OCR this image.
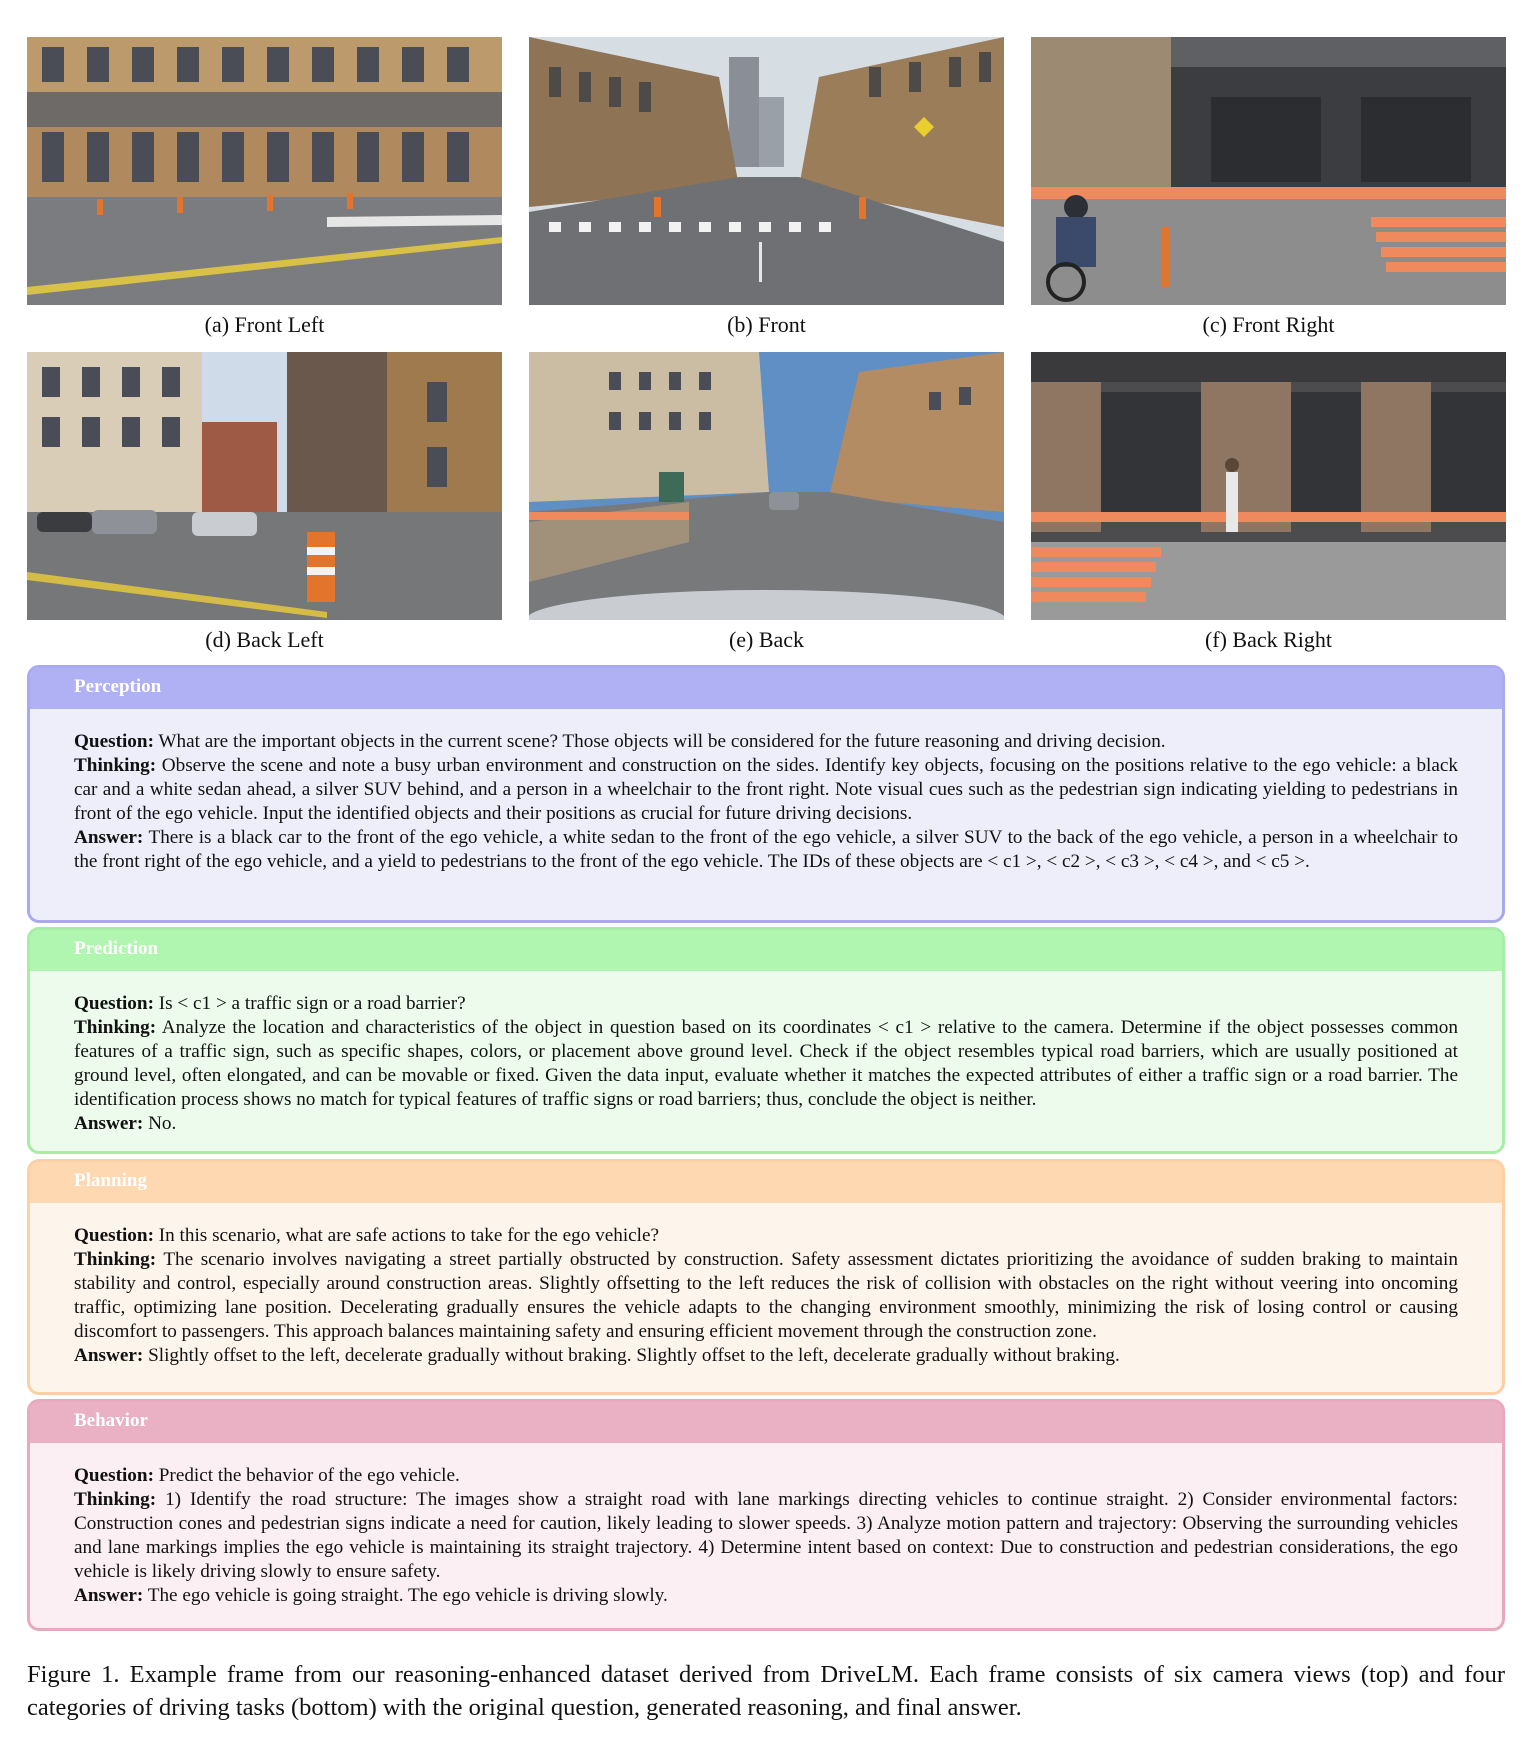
(a) Front Left	(b) Front	(c) Front Right
(d) Back Left	(e) Back	(f) Back Right
Perception

Question: What are the important objects in the current scene? Those objects will be considered for the future reasoning and driving decision.

Thinking: Observe the scene and note a busy urban environment and construction on the sides. Identify key objects, focusing on the positions relative to the ego vehicle: a black car and a white sedan ahead, a silver SUV behind, and a person in a wheelchair to the front right. Note visual cues such as the pedestrian sign indicating yielding to pedestrians in front of the ego vehicle. Input the identified objects and their positions as crucial for future driving decisions.

Answer: There is a black car to the front of the ego vehicle, a white sedan to the front of the ego vehicle, a silver SUV to the back of the ego vehicle, a person in a wheelchair to the front right of the ego vehicle, and a yield to pedestrians to the front of the ego vehicle. The IDs of these objects are < c1 >, < c2 >, < c3 >, < c4 >, and < c5 >.

Prediction

Question: Is < c1 > a traffic sign or a road barrier?

Thinking: Analyze the location and characteristics of the object in question based on its coordinates < c1 > relative to the camera. Determine if the object possesses common features of a traffic sign, such as specific shapes, colors, or placement above ground level. Check if the object resembles typical road barriers, which are usually positioned at ground level, often elongated, and can be movable or fixed. Given the data input, evaluate whether it matches the expected attributes of either a traffic sign or a road barrier. The identification process shows no match for typical features of traffic signs or road barriers; thus, conclude the object is neither.

Answer: No.

Planning

Question: In this scenario, what are safe actions to take for the ego vehicle?

Thinking: The scenario involves navigating a street partially obstructed by construction. Safety assessment dictates prioritizing the avoidance of sudden braking to maintain stability and control, especially around construction areas. Slightly offsetting to the left reduces the risk of collision with obstacles on the right without veering into oncoming traffic, optimizing lane position. Decelerating gradually ensures the vehicle adapts to the changing environment smoothly, minimizing the risk of losing control or causing discomfort to passengers. This approach balances maintaining safety and ensuring efficient movement through the construction zone.

Answer: Slightly offset to the left, decelerate gradually without braking. Slightly offset to the left, decelerate gradually without braking.

Behavior

Question: Predict the behavior of the ego vehicle.

Thinking: 1) Identify the road structure: The images show a straight road with lane markings directing vehicles to continue straight. 2) Consider environmental factors: Construction cones and pedestrian signs indicate a need for caution, likely leading to slower speeds. 3) Analyze motion pattern and trajectory: Observing the surrounding vehicles and lane markings implies the ego vehicle is maintaining its straight trajectory. 4) Determine intent based on context: Due to construction and pedestrian considerations, the ego vehicle is likely driving slowly to ensure safety.

Answer: The ego vehicle is going straight. The ego vehicle is driving slowly.

Figure 1. Example frame from our reasoning-enhanced dataset derived from DriveLM. Each frame consists of six camera views (top) and four categories of driving tasks (bottom) with the original question, generated reasoning, and final answer.
